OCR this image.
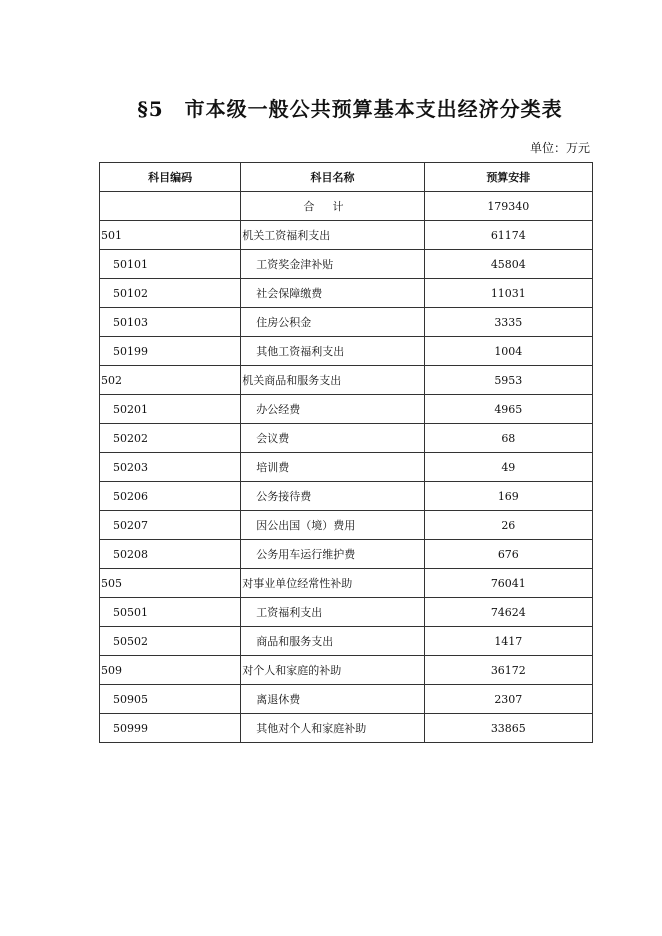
§5　市本级一般公共预算基本支出经济分类表
单位：万元
科目编码	科目名称	预算安排
	合计	179340
501	机关工资福利支出	61174
50101	工资奖金津补贴	45804
50102	社会保障缴费	11031
50103	住房公积金	3335
50199	其他工资福利支出	1004
502	机关商品和服务支出	5953
50201	办公经费	4965
50202	会议费	68
50203	培训费	49
50206	公务接待费	169
50207	因公出国（境）费用	26
50208	公务用车运行维护费	676
505	对事业单位经常性补助	76041
50501	工资福利支出	74624
50502	商品和服务支出	1417
509	对个人和家庭的补助	36172
50905	离退休费	2307
50999	其他对个人和家庭补助	33865
